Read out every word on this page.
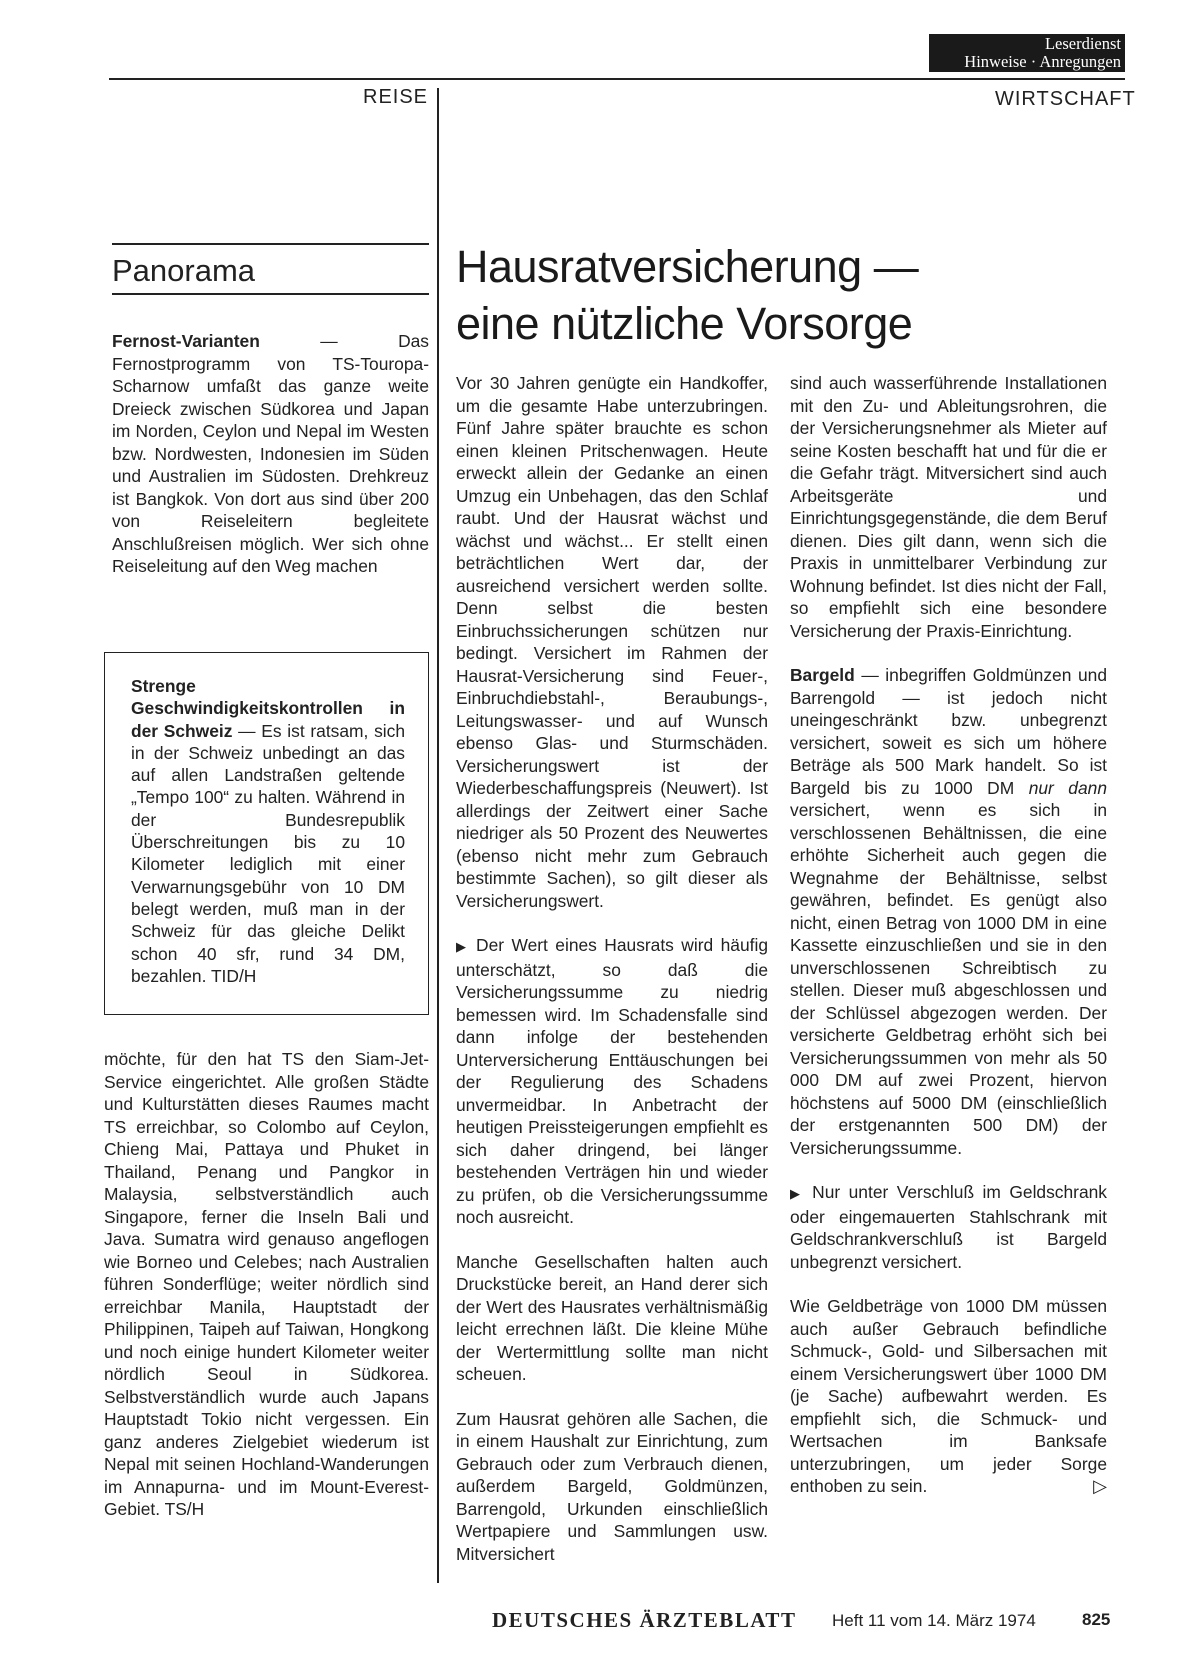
Leserdienst
Hinweise · Anregungen
REISE	WIRTSCHAFT
Panorama

Fernost-Varianten — Das Fernostprogramm von TS-Touropa-Scharnow umfaßt das ganze weite Dreieck zwischen Südkorea und Japan im Norden, Ceylon und Nepal im Westen bzw. Nordwesten, Indonesien im Süden und Australien im Südosten. Drehkreuz ist Bangkok. Von dort aus sind über 200 von Reiseleitern begleitete Anschlußreisen möglich. Wer sich ohne Reiseleitung auf den Weg machen

Strenge Geschwindigkeitskontrollen in der Schweiz — Es ist ratsam, sich in der Schweiz unbedingt an das auf allen Landstraßen geltende „Tempo 100“ zu halten. Während in der Bundesrepublik Überschreitungen bis zu 10 Kilometer lediglich mit einer Verwarnungsgebühr von 10 DM belegt werden, muß man in der Schweiz für das gleiche Delikt schon 40 sfr, rund 34 DM, bezahlen. TID/H

möchte, für den hat TS den Siam-Jet-Service eingerichtet. Alle großen Städte und Kulturstätten dieses Raumes macht TS erreichbar, so Colombo auf Ceylon, Chieng Mai, Pattaya und Phuket in Thailand, Penang und Pangkor in Malaysia, selbstverständlich auch Singapore, ferner die Inseln Bali und Java. Sumatra wird genauso angeflogen wie Borneo und Celebes; nach Australien führen Sonderflüge; weiter nördlich sind erreichbar Manila, Hauptstadt der Philippinen, Taipeh auf Taiwan, Hongkong und noch einige hundert Kilometer weiter nördlich Seoul in Südkorea. Selbstverständlich wurde auch Japans Hauptstadt Tokio nicht vergessen. Ein ganz anderes Zielgebiet wiederum ist Nepal mit seinen Hochland-Wanderungen im Annapurna- und im Mount-Everest-Gebiet. TS/H

Hausratversicherung —
eine nützliche Vorsorge

Vor 30 Jahren genügte ein Handkoffer, um die gesamte Habe unterzubringen. Fünf Jahre später brauchte es schon einen kleinen Pritschenwagen. Heute erweckt allein der Gedanke an einen Umzug ein Unbehagen, das den Schlaf raubt. Und der Hausrat wächst und wächst und wächst... Er stellt einen beträchtlichen Wert dar, der ausreichend versichert werden sollte. Denn selbst die besten Einbruchssicherungen schützen nur bedingt. Versichert im Rahmen der Hausrat-Versicherung sind Feuer-, Einbruchdiebstahl-, Beraubungs-, Leitungswasser- und auf Wunsch ebenso Glas- und Sturmschäden. Versicherungswert ist der Wiederbeschaffungspreis (Neuwert). Ist allerdings der Zeitwert einer Sache niedriger als 50 Prozent des Neuwertes (ebenso nicht mehr zum Gebrauch bestimmte Sachen), so gilt dieser als Versicherungswert.

▶ Der Wert eines Hausrats wird häufig unterschätzt, so daß die Versicherungssumme zu niedrig bemessen wird. Im Schadensfalle sind dann infolge der bestehenden Unterversicherung Enttäuschungen bei der Regulierung des Schadens unvermeidbar. In Anbetracht der heutigen Preissteigerungen empfiehlt es sich daher dringend, bei länger bestehenden Verträgen hin und wieder zu prüfen, ob die Versicherungssumme noch ausreicht.

Manche Gesellschaften halten auch Druckstücke bereit, an Hand derer sich der Wert des Hausrates verhältnismäßig leicht errechnen läßt. Die kleine Mühe der Wertermittlung sollte man nicht scheuen.

Zum Hausrat gehören alle Sachen, die in einem Haushalt zur Einrichtung, zum Gebrauch oder zum Verbrauch dienen, außerdem Bargeld, Goldmünzen, Barrengold, Urkunden einschließlich Wertpapiere und Sammlungen usw. Mitversichert

sind auch wasserführende Installationen mit den Zu- und Ableitungsrohren, die der Versicherungsnehmer als Mieter auf seine Kosten beschafft hat und für die er die Gefahr trägt. Mitversichert sind auch Arbeitsgeräte und Einrichtungsgegenstände, die dem Beruf dienen. Dies gilt dann, wenn sich die Praxis in unmittelbarer Verbindung zur Wohnung befindet. Ist dies nicht der Fall, so empfiehlt sich eine besondere Versicherung der Praxis-Einrichtung.

Bargeld — inbegriffen Goldmünzen und Barrengold — ist jedoch nicht uneingeschränkt bzw. unbegrenzt versichert, soweit es sich um höhere Beträge als 500 Mark handelt. So ist Bargeld bis zu 1000 DM nur dann versichert, wenn es sich in verschlossenen Behältnissen, die eine erhöhte Sicherheit auch gegen die Wegnahme der Behältnisse, selbst gewähren, befindet. Es genügt also nicht, einen Betrag von 1000 DM in eine Kassette einzuschließen und sie in den unverschlossenen Schreibtisch zu stellen. Dieser muß abgeschlossen und der Schlüssel abgezogen werden. Der versicherte Geldbetrag erhöht sich bei Versicherungssummen von mehr als 50 000 DM auf zwei Prozent, hiervon höchstens auf 5000 DM (einschließlich der erstgenannten 500 DM) der Versicherungssumme.

▶ Nur unter Verschluß im Geldschrank oder eingemauerten Stahlschrank mit Geldschrankverschluß ist Bargeld unbegrenzt versichert.

Wie Geldbeträge von 1000 DM müssen auch außer Gebrauch befindliche Schmuck-, Gold- und Silbersachen mit einem Versicherungswert über 1000 DM (je Sache) aufbewahrt werden. Es empfiehlt sich, die Schmuck- und Wertsachen im Banksafe unterzubringen, um jeder Sorge enthoben zu sein.	▷

DEUTSCHES ÄRZTEBLATT Heft 11 vom 14. März 1974	825
